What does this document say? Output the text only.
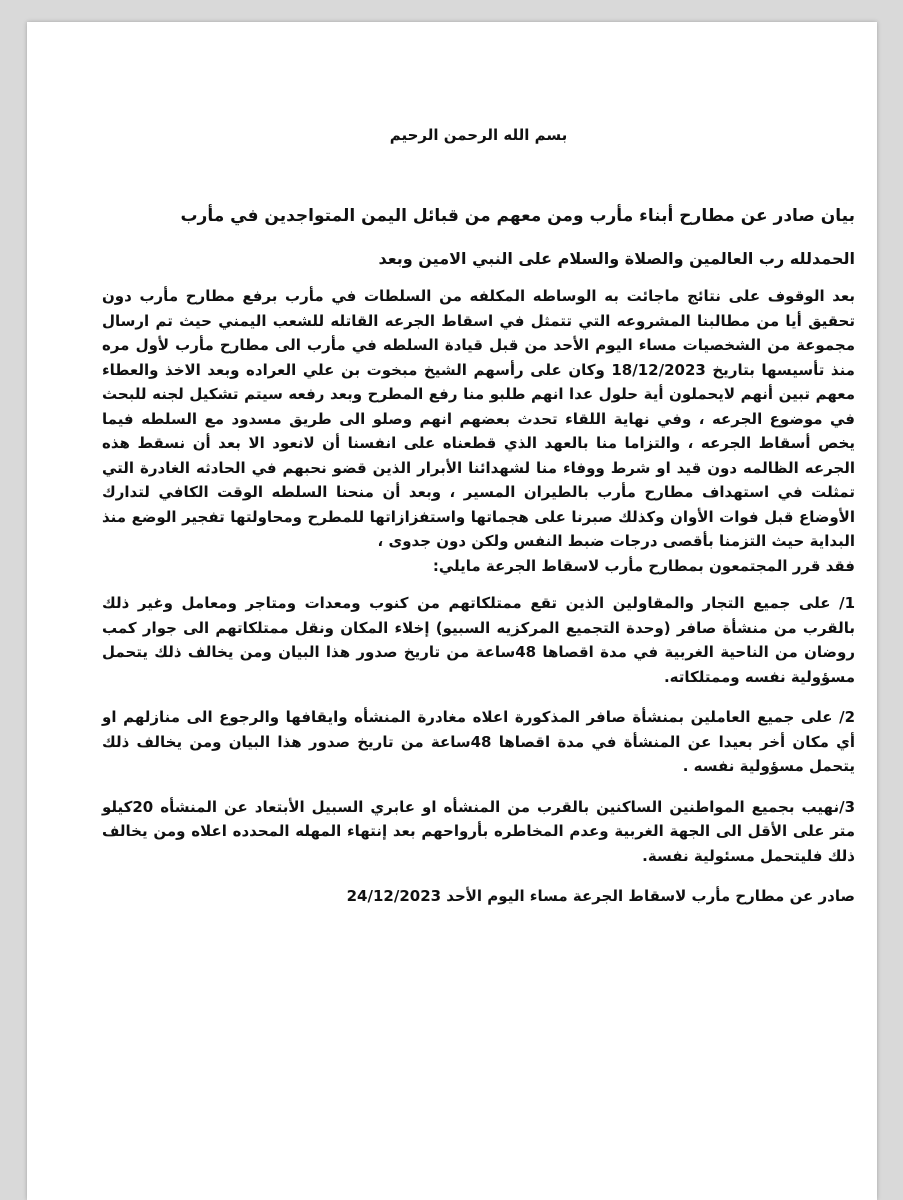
بسم الله الرحمن الرحيم
بيان صادر عن مطارح أبناء مأرب ومن معهم من قبائل اليمن المتواجدين في مأرب
الحمدلله رب العالمين والصلاة والسلام على النبي الامين وبعد

بعد الوقوف على نتائج ماجائت به الوساطه المكلفه من السلطات في مأرب برفع مطارح مأرب دون تحقيق أيا من مطالبنا المشروعه التي تتمثل في اسقاط الجرعه القاتله للشعب اليمني حيث تم ارسال مجموعة من الشخصيات مساء اليوم الأحد من قبل قيادة السلطه في مأرب الى مطارح مأرب لأول مره منذ تأسيسها بتاريخ 18/12/2023 وكان على رأسهم الشيخ مبخوت بن علي العراده وبعد الاخذ والعطاء معهم تبين أنهم لايحملون أية حلول عدا انهم طلبو منا رفع المطرح وبعد رفعه سيتم تشكيل لجنه للبحث في موضوع الجرعه ، وفي نهاية اللقاء تحدث بعضهم انهم وصلو الى طريق مسدود مع السلطه فيما يخص أسقاط الجرعه ، والتزاما منا بالعهد الذي قطعناه على انفسنا أن لانعود الا بعد أن نسقط هذه الجرعه الظالمه دون قيد او شرط ووفاء منا لشهدائنا الأبرار الذين قضو نحبهم في الحادثه الغادرة التي تمثلت في استهداف مطارح مأرب بالطيران المسير ، وبعد أن منحنا السلطه الوقت الكافي لتدارك الأوضاع قبل فوات الأوان وكذلك صبرنا على هجماتها واستفزازاتها للمطرح ومحاولتها تفجير الوضع منذ البداية حيث التزمنا بأقصى درجات ضبط النفس ولكن دون جدوى ،

فقد قرر المجتمعون بمطارح مأرب لاسقاط الجرعة مايلي:

1/ على جميع التجار والمقاولين الذين تقع ممتلكاتهم من كنوب ومعدات ومتاجر ومعامل وغير ذلك بالقرب من منشأة صافر (وحدة التجميع المركزيه السبيو) إخلاء المكان ونقل ممتلكاتهم الى جوار كمب روضان من الناحية الغربية في مدة اقصاها 48ساعة من تاريخ صدور هذا البيان ومن يخالف ذلك يتحمل مسؤولية نفسه وممتلكاته.

2/ على جميع العاملين بمنشأة صافر المذكورة اعلاه مغادرة المنشأه وايقافها والرجوع الى منازلهم او أي مكان أخر بعيدا عن المنشأة في مدة اقصاها 48ساعة من تاريخ صدور هذا البيان ومن يخالف ذلك يتحمل مسؤولية نفسه .

3/نهيب بجميع المواطنين الساكنين بالقرب من المنشأه او عابري السبيل الأبتعاد عن المنشأه 20كيلو متر على الأقل الى الجهة الغربية وعدم المخاطره بأرواحهم بعد إنتهاء المهله المحدده اعلاه ومن يخالف ذلك فليتحمل مسئولية نفسة.

صادر عن مطارح مأرب لاسقاط الجرعة مساء اليوم الأحد 24/12/2023
